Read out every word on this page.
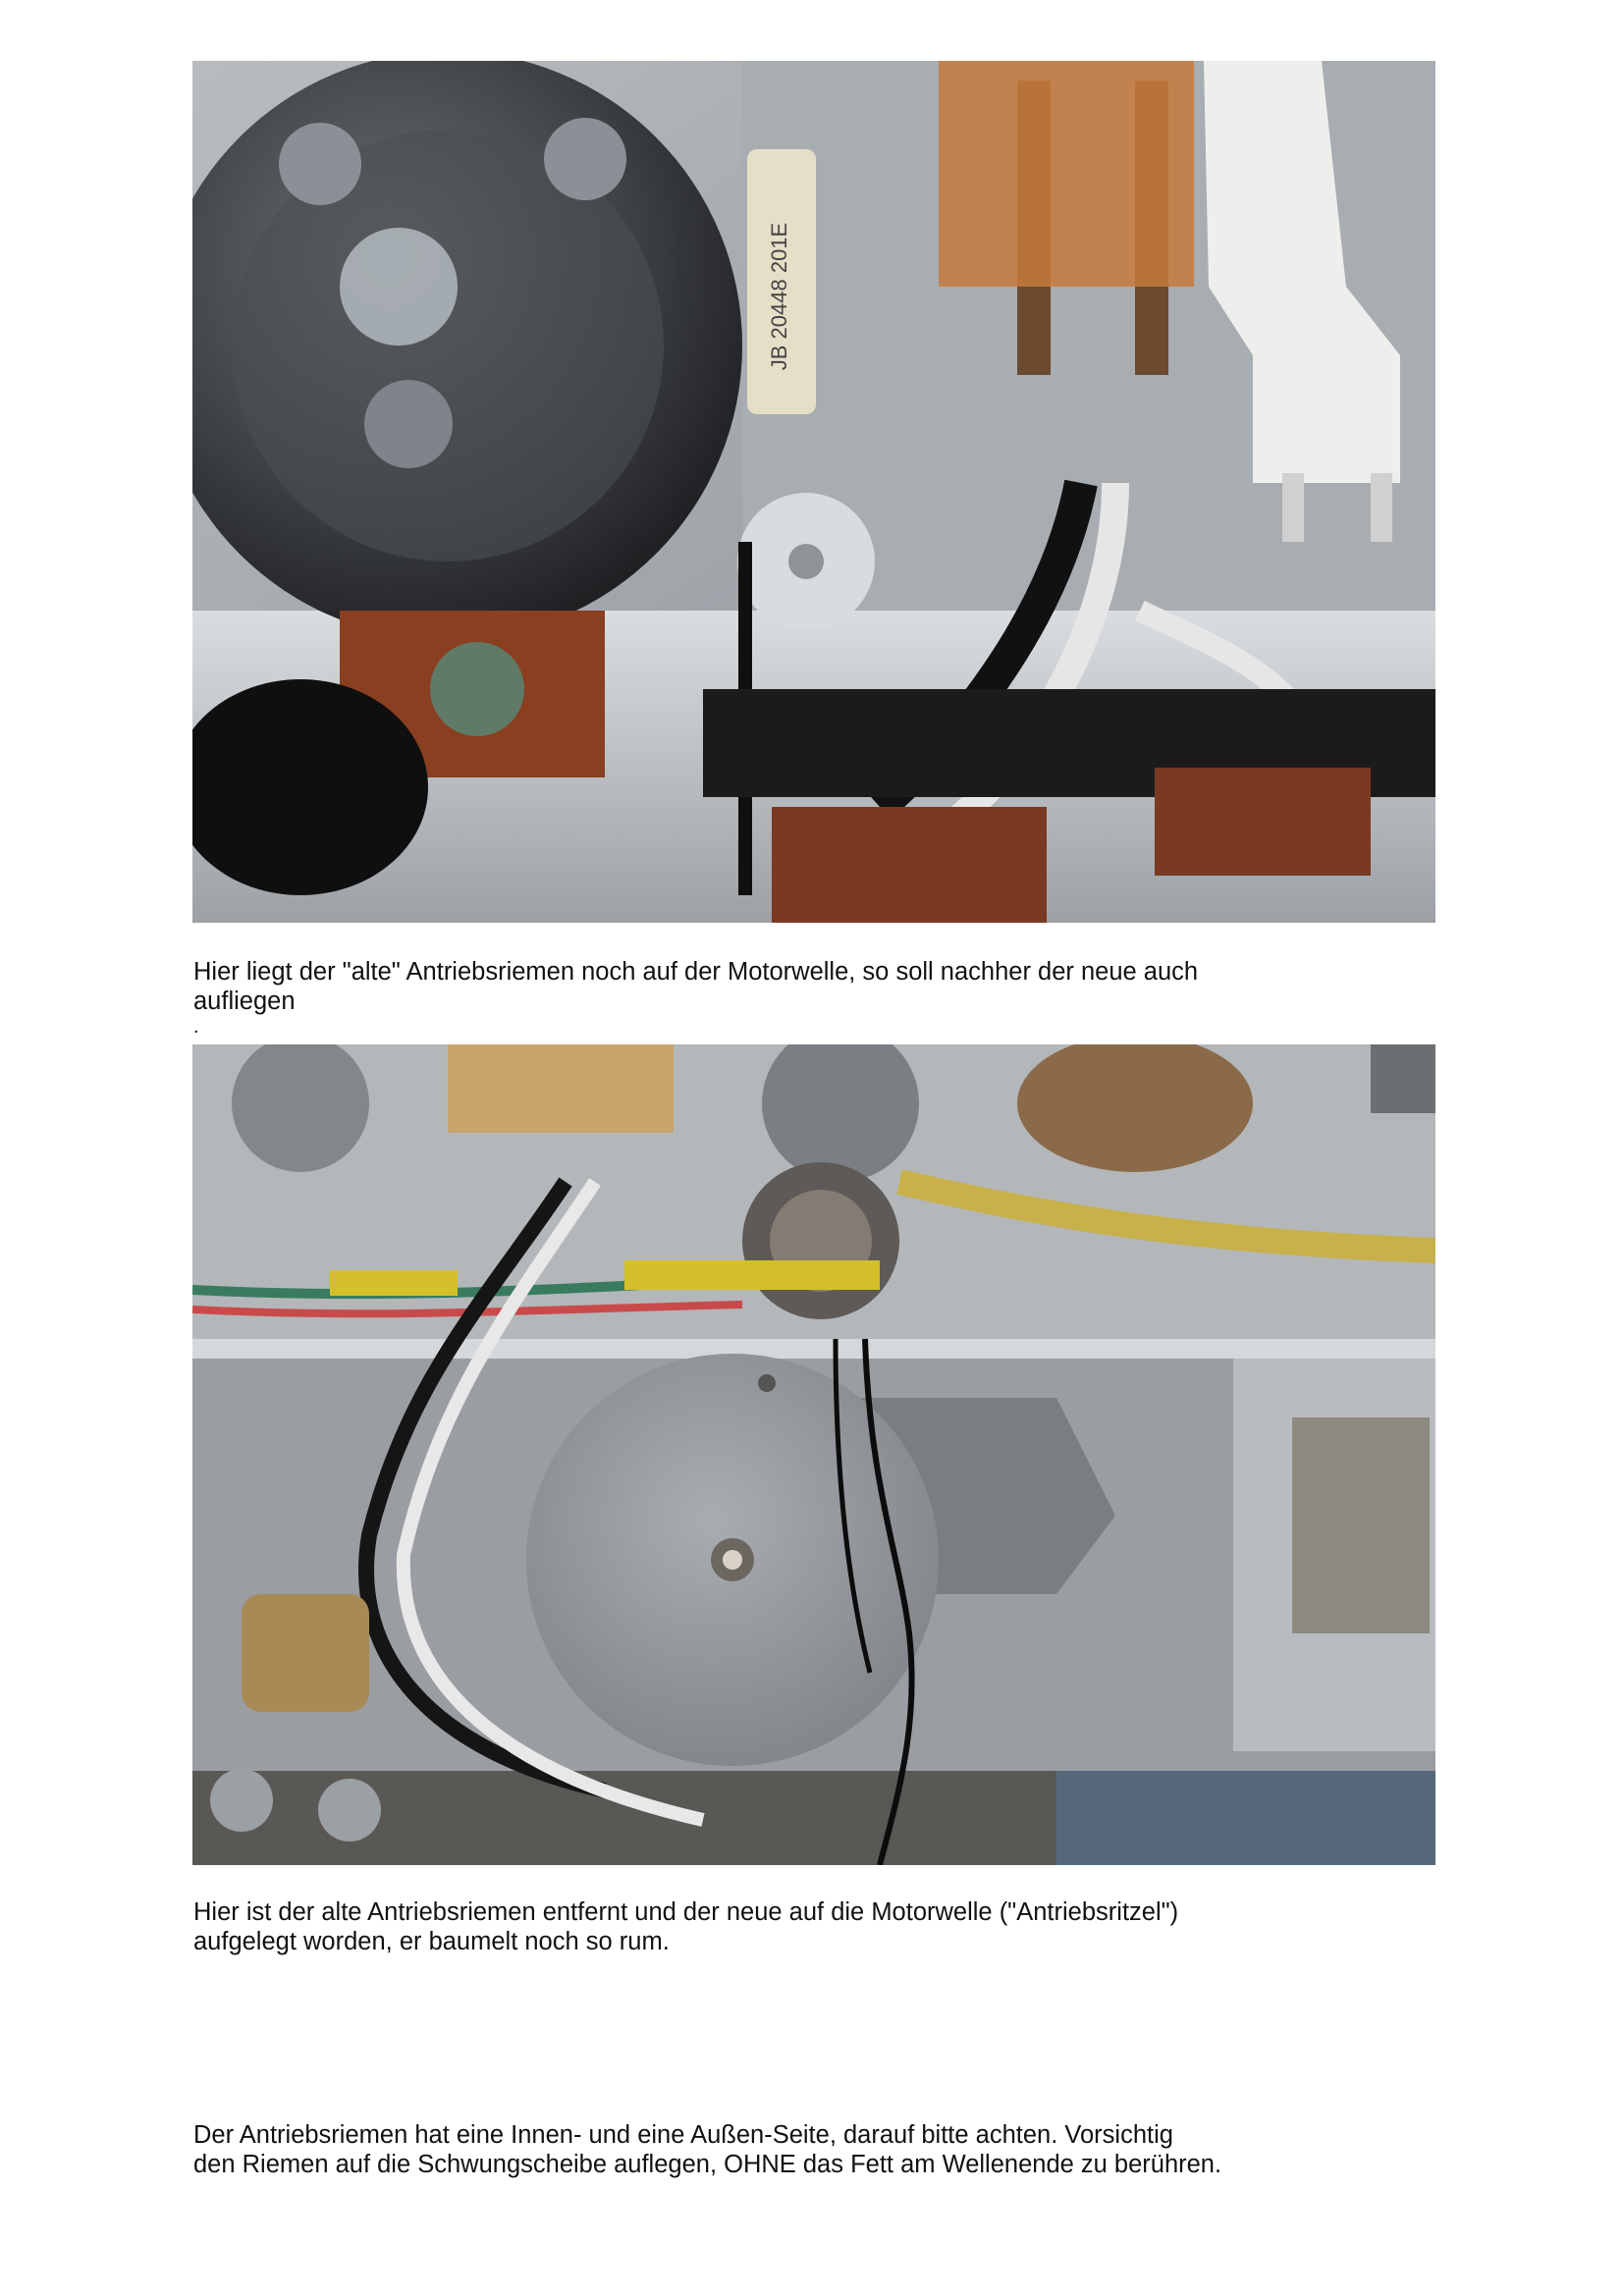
JB 20448 201E

Hier liegt der "alte" Antriebsriemen noch auf der Motorwelle, so soll nachher der neue auch
aufliegen

.

Hier ist der alte Antriebsriemen entfernt und der neue auf die Motorwelle ("Antriebsritzel")
aufgelegt worden, er baumelt noch so rum.

Der Antriebsriemen hat eine Innen- und eine Außen-Seite, darauf bitte achten. Vorsichtig
den Riemen auf die Schwungscheibe auflegen, OHNE das Fett am Wellenende zu berühren.
